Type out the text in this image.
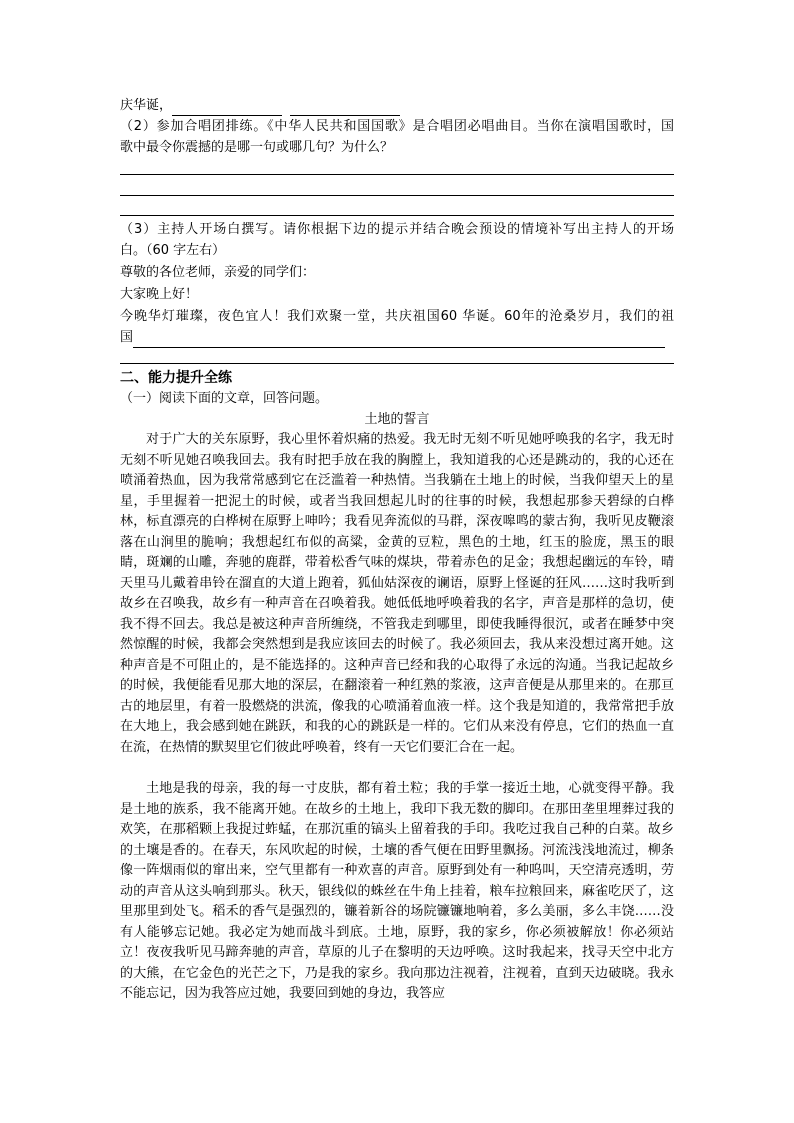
庆华诞，
（2）参加合唱团排练。《中华人民共和国国歌》是合唱团必唱曲目。当你在演唱国歌时，国
歌中最令你震撼的是哪一句或哪几句？为什么？
（3）主持人开场白撰写。请你根据下边的提示并结合晚会预设的情境补写出主持人的开场
白。（60 字左右）
尊敬的各位老师，亲爱的同学们：
大家晚上好！
今晚华灯璀璨，夜色宜人！我们欢聚一堂，共庆祖国60 华诞。60年的沧桑岁月，我们的祖
国
二、能力提升全练
（一）阅读下面的文章，回答问题。
土地的誓言
对于广大的关东原野，我心里怀着炽痛的热爱。我无时无刻不听见她呼唤我的名字，我无时无刻不听见她召唤我回去。我有时把手放在我的胸膛上，我知道我的心还是跳动的，我的心还在喷涌着热血，因为我常常感到它在泛滥着一种热情。当我躺在土地上的时候，当我仰望天上的星星，手里握着一把泥土的时候，或者当我回想起儿时的往事的时候，我想起那参天碧绿的白桦林，标直漂亮的白桦树在原野上呻吟；我看见奔流似的马群，深夜嗥鸣的蒙古狗，我听见皮鞭滚落在山涧里的脆响；我想起红布似的高粱，金黄的豆粒，黑色的土地，红玉的脸庞，黑玉的眼睛，斑斓的山雕，奔驰的鹿群，带着松香气味的煤块，带着赤色的足金；我想起幽远的车铃，晴天里马儿戴着串铃在溜直的大道上跑着，狐仙姑深夜的谰语，原野上怪诞的狂风……这时我听到故乡在召唤我，故乡有一种声音在召唤着我。她低低地呼唤着我的名字，声音是那样的急切，使我不得不回去。我总是被这种声音所缠绕，不管我走到哪里，即使我睡得很沉，或者在睡梦中突然惊醒的时候，我都会突然想到是我应该回去的时候了。我必须回去，我从来没想过离开她。这种声音是不可阻止的，是不能选择的。这种声音已经和我的心取得了永远的沟通。当我记起故乡的时候，我便能看见那大地的深层，在翻滚着一种红熟的浆液，这声音便是从那里来的。在那亘古的地层里，有着一股燃烧的洪流，像我的心喷涌着血液一样。这个我是知道的，我常常把手放在大地上，我会感到她在跳跃，和我的心的跳跃是一样的。它们从来没有停息，它们的热血一直在流，在热情的默契里它们彼此呼唤着，终有一天它们要汇合在一起。
土地是我的母亲，我的每一寸皮肤，都有着土粒；我的手掌一接近土地，心就变得平静。我是土地的族系，我不能离开她。在故乡的土地上，我印下我无数的脚印。在那田垄里埋葬过我的欢笑，在那稻颗上我捉过蚱蜢，在那沉重的镐头上留着我的手印。我吃过我自己种的白菜。故乡的土壤是香的。在春天，东风吹起的时候，土壤的香气便在田野里飘扬。河流浅浅地流过，柳条像一阵烟雨似的窜出来，空气里都有一种欢喜的声音。原野到处有一种呜叫，天空清亮透明，劳动的声音从这头响到那头。秋天，银线似的蛛丝在牛角上挂着，粮车拉粮回来，麻雀吃厌了，这里那里到处飞。稻禾的香气是强烈的，镰着新谷的场院镰镰地响着，多么美丽，多么丰饶……没有人能够忘记她。我必定为她而战斗到底。土地，原野，我的家乡，你必须被解放！你必须站立！夜夜我听见马蹄奔驰的声音，草原的儿子在黎明的天边呼唤。这时我起来，找寻天空中北方的大熊，在它金色的光芒之下，乃是我的家乡。我向那边注视着，注视着，直到天边破晓。我永不能忘记，因为我答应过她，我要回到她的身边，我答应
